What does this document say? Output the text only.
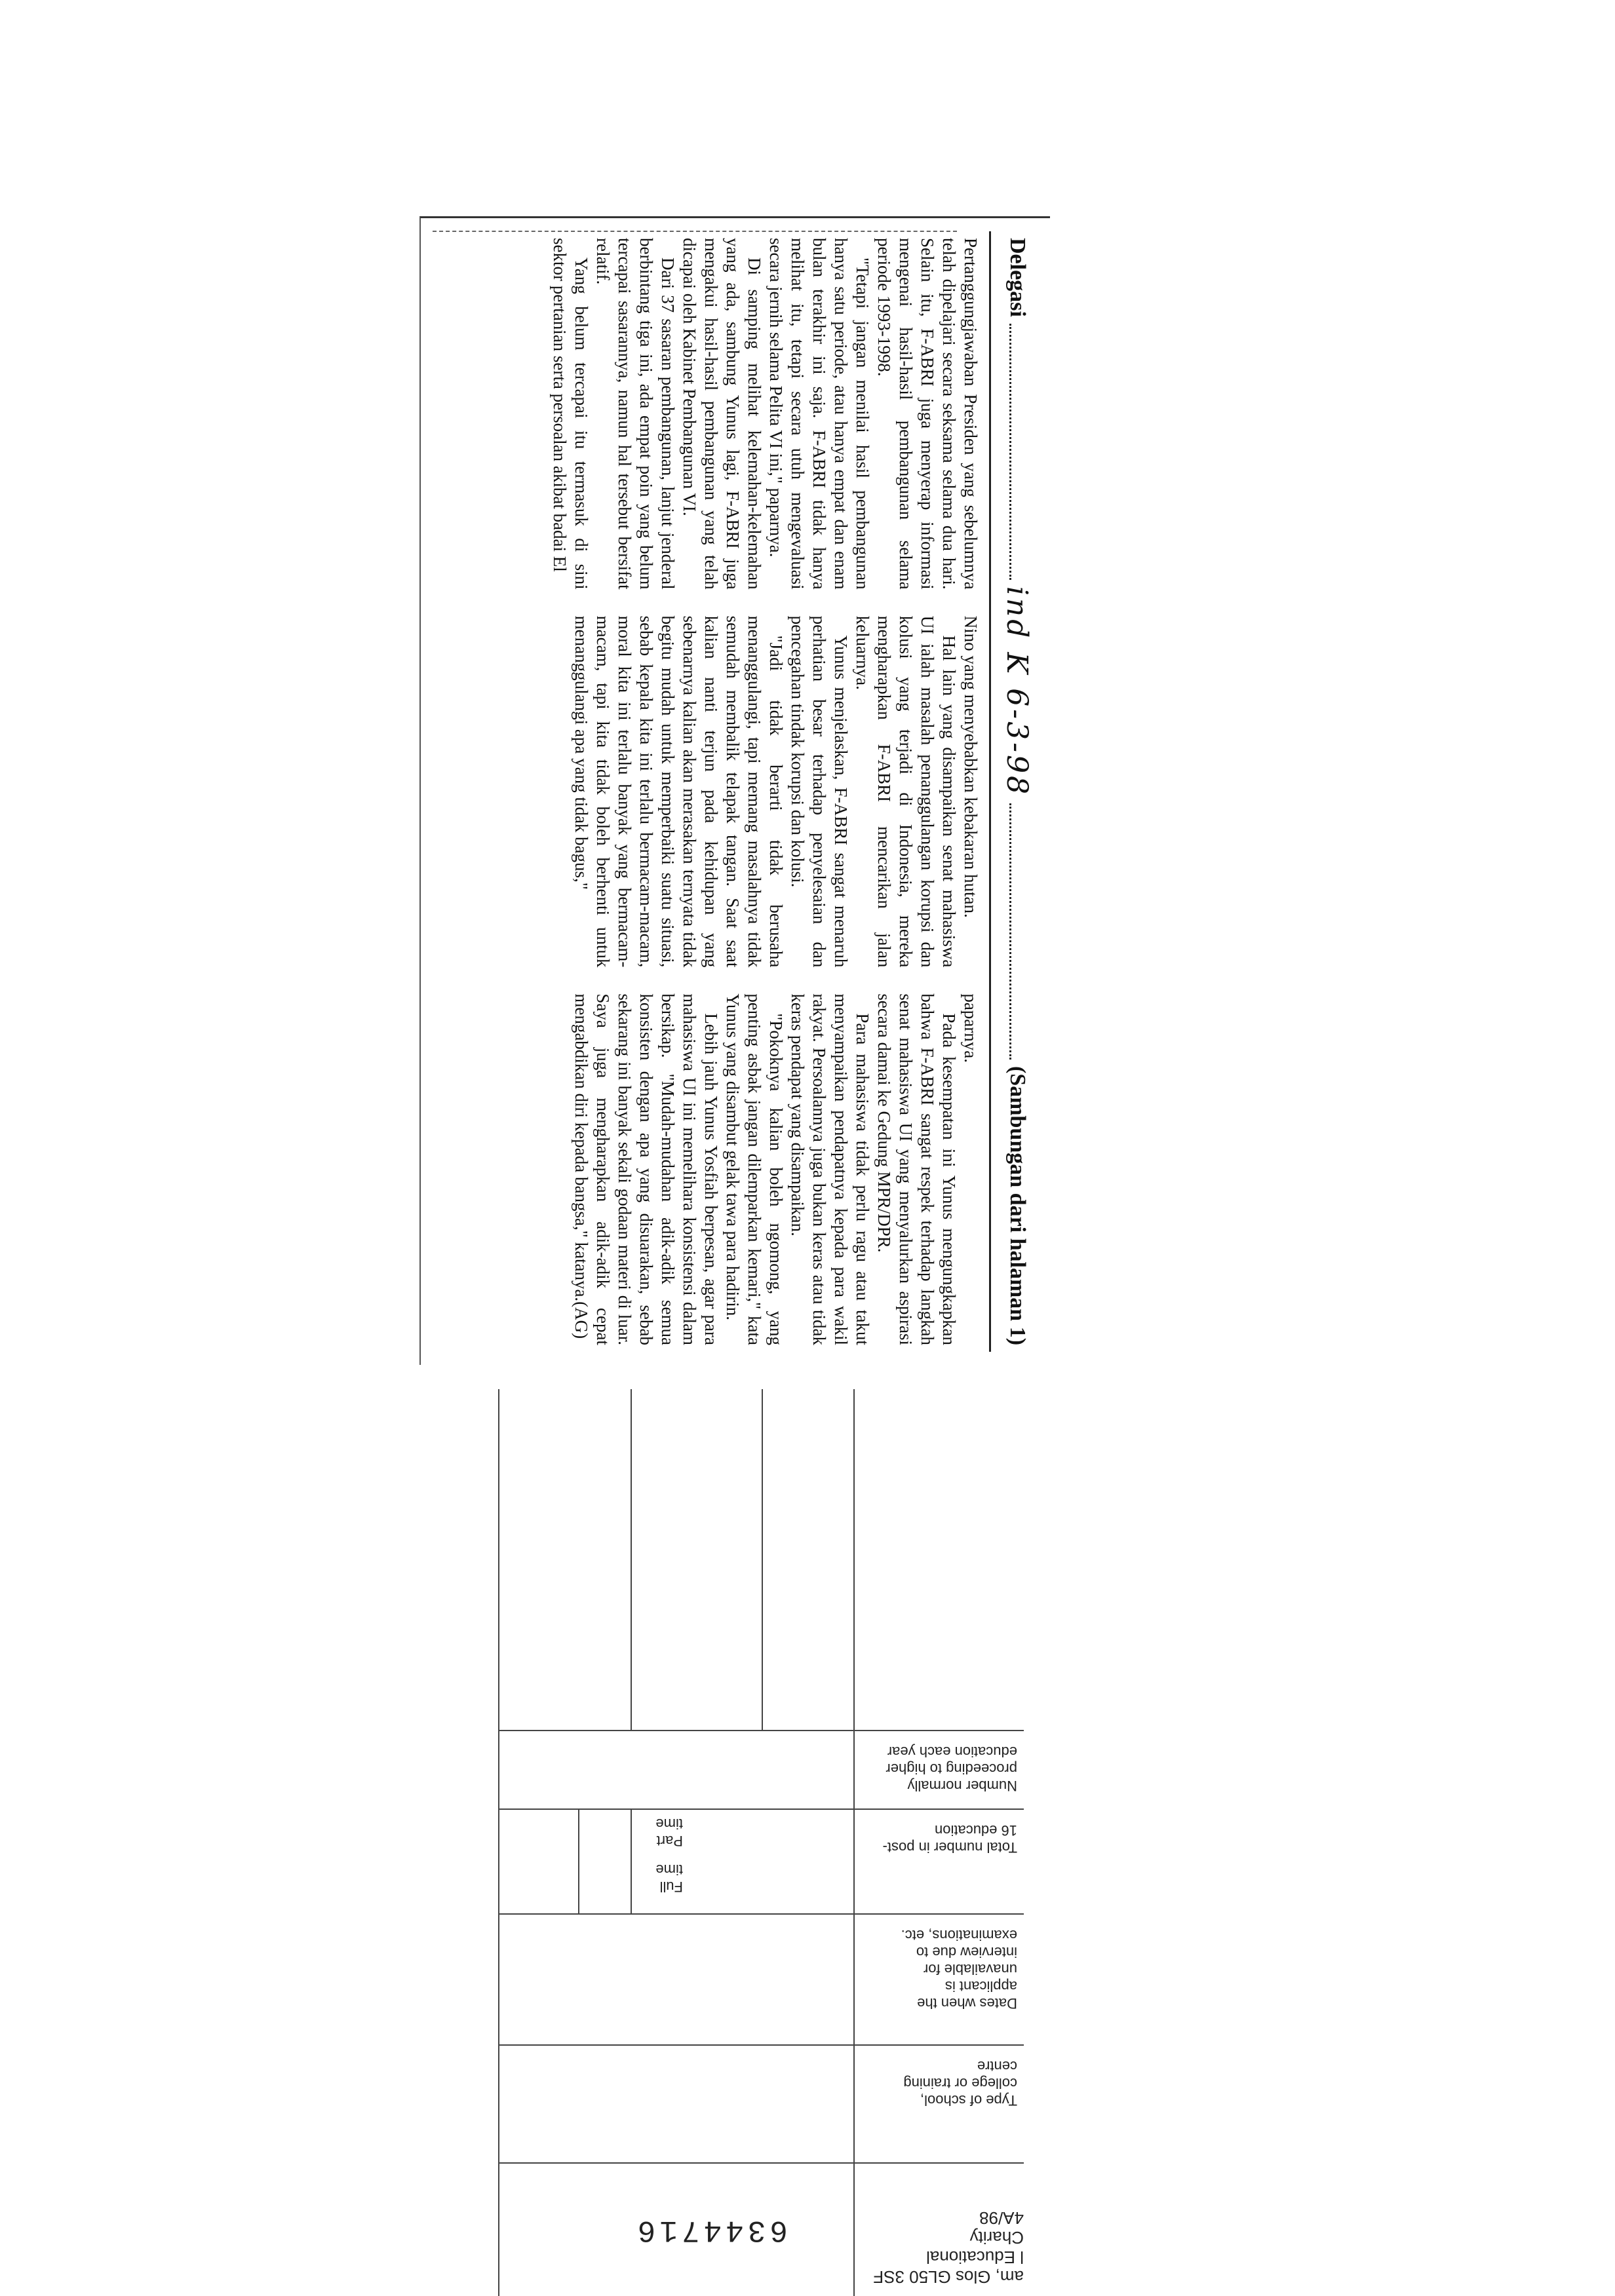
Delegasi
ind K 6-3-98
(Sambungan dari halaman 1)

Pertanggungjawaban Presiden yang sebelumnya telah dipelajari secara seksama selama dua hari. Selain itu, F-ABRI juga menyerap informasi mengenai hasil-hasil pembangunan selama periode 1993-1998.

"Tetapi jangan menilai hasil pembangunan hanya satu periode, atau hanya empat dan enam bulan terakhir ini saja. F-ABRI tidak hanya melihat itu, tetapi secara utuh mengevaluasi secara jernih selama Pelita VI ini," paparnya.

Di samping melihat kelemahan-kelemahan yang ada, sambung Yunus lagi, F-ABRI juga mengakui hasil-hasil pembangunan yang telah dicapai oleh Kabinet Pembangunan VI.

Dari 37 sasaran pembangunan, lanjut jenderal berbintang tiga ini, ada empat poin yang belum tercapai sasarannya, namun hal tersebut bersifat relatif.

Yang belum tercapai itu termasuk di sini sektor pertanian serta persoalan akibat badai El

Nino yang menyebabkan kebakaran hutan.

Hal lain yang disampaikan senat mahasiswa UI ialah masalah penanggulangan korupsi dan kolusi yang terjadi di Indonesia, mereka mengharapkan F-ABRI mencarikan jalan keluarnya.

Yunus menjelaskan, F-ABRI sangat menaruh perhatian besar terhadap penyelesaian dan pencegahan tindak korupsi dan kolusi.

"Jadi tidak berarti tidak berusaha menanggulangi, tapi memang masalahnya tidak semudah membalik telapak tangan. Saat saat kalian nanti terjun pada kehidupan yang sebenarnya kalian akan merasakan ternyata tidak begitu mudah untuk memperbaiki suatu situasi, sebab kepala kita ini terlalu bermacam-macam, moral kita ini terlalu banyak yang bermacam-macam, tapi kita tidak boleh berhenti untuk menanggulangi apa yang tidak bagus,"

paparnya.

Pada kesempatan ini Yunus mengungkapkan bahwa F-ABRI sangat respek terhadap langkah senat mahasiswa UI yang menyalurkan aspirasi secara damai ke Gedung MPR/DPR.

Para mahasiswa tidak perlu ragu atau takut menyampaikan pendapatnya kepada para wakil rakyat. Persoalannya juga bukan keras atau tidak keras pendapat yang disampaikan.

"Pokoknya kalian boleh ngomong, yang penting asbak jangan dilemparkan kemari," kata Yunus yang disambut gelak tawa para hadirin.

Lebih jauh Yunus Yosfiah berpesan, agar para mahasiswa UI ini memelihara konsistensi dalam bersikap. "Mudah-mudahan adik-adik semua konsisten dengan apa yang disuarakan, sebab sekarang ini banyak sekali godaan materi di luar. Saya juga mengharapkan adik-adik cepat mengabdikan diri kepada bangsa," katanya.(AG)

Number normally proceeding to higher education each year
Total number in post-16 education
Part time
Full time
Dates when the applicant is unavailable for interview due to examinations, etc.
Type of school, college or training centre
6344716
am, Glos GL50 3SF
l Educational Charity
4A/98
